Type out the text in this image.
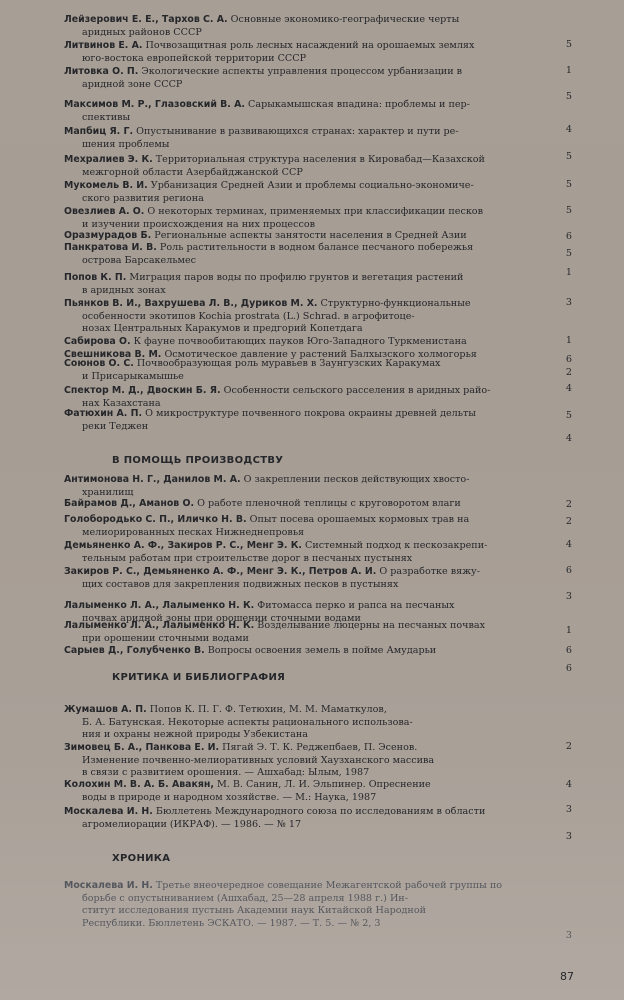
Лейзерович Е. Е., Тархов С. А. Основные экономико-географические черты
аридных районов СССР
5
Литвинов Е. А. Почвозащитная роль лесных насаждений на орошаемых землях
юго-востока европейской территории СССР
1
Литовка О. П. Экологические аспекты управления процессом урбанизации в
аридной зоне СССР
5
Максимов М. Р., Глазовский В. А. Сарыкамышская впадина: проблемы и пер-
спективы
4
Мапбиц Я. Г. Опустынивание в развивающихся странах: характер и пути ре-
шения проблемы
5
Мехралиев Э. К. Территориальная структура населения в Кировабад—Казахской
межгорной области Азербайджанской ССР
5
Мукомель В. И. Урбанизация Средней Азии и проблемы социально-экономиче-
ского развития региона
5
Овезлиев А. О. О некоторых терминах, применяемых при классификации песков
и изучении происхождения на них процессов
6
Оразмурадов Б. Региональные аспекты занятости населения в Средней Азии
5
Панкратова И. В. Роль растительности в водном балансе песчаного побережья
острова Барсакельмес
1
Попов К. П. Миграция паров воды по профилю грунтов и вегетация растений
в аридных зонах
3
Пьянков В. И., Вахрушева Л. В., Дуриков М. Х. Структурно-функциональные
особенности экотипов Kochia prostrata (L.) Schrad. в агрофитоце-
нозах Центральных Каракумов и предгорий Копетдага
1
Сабирова О. К фауне почвообитающих пауков Юго-Западного Туркменистана
6
Свешникова В. М. Осмотическое давление у растений Балхызского холмогорья
2
Союнов О. С. Почвообразующая роль муравьев в Заунгузских Каракумах
и Присарыкамышье
4
Спектор М. Д., Двоскин Б. Я. Особенности сельского расселения в аридных райо-
нах Казахстана
5
Фатюхин А. П. О микроструктуре почвенного покрова окраины древней дельты
реки Теджен
4
В ПОМОЩЬ ПРОИЗВОДСТВУ
Антимонова Н. Г., Данилов М. А. О закреплении песков действующих хвосто-
хранилищ
2
Байрамов Д., Аманов О. О работе пленочной теплицы с круговоротом влаги
2
Голобородько С. П., Иличко Н. В. Опыт посева орошаемых кормовых трав на
мелиорированных песках Нижнеднепровья
4
Демьяненко А. Ф., Закиров Р. С., Менг Э. К. Системный подход к пескозакрепи-
тельным работам при строительстве дорог в песчаных пустынях
6
Закиров Р. С., Демьяненко А. Ф., Менг Э. К., Петров А. И. О разработке вяжу-
щих составов для закрепления подвижных песков в пустынях
3
Лалыменко Л. А., Лалыменко Н. К. Фитомасса перко и рапса на песчаных
почвах аридной зоны при орошении сточными водами
1
Лалыменко Л. А., Лалыменко Н. К. Возделывание люцерны на песчаных почвах
при орошении сточными водами
6
Сарыев Д., Голубченко В. Вопросы освоения земель в пойме Амударьи
6
КРИТИКА И БИБЛИОГРАФИЯ
Жумашов А. П. Попов К. П. Г. Ф. Тетюхин, М. М. Маматкулов,
Б. А. Батунская. Некоторые аспекты рационального использова-
ния и охраны нежной природы Узбекистана
2
Зимовец Б. А., Панкова Е. И. Пягай Э. Т. К. Реджепбаев, П. Эсенов.
Изменение почвенно-мелиоративных условий Хаузханского массива
в связи с развитием орошения. — Ашхабад: Ылым, 1987
4
Колохин М. В. А. Б. Авакян, М. В. Санин, Л. И. Эльпинер. Опреснение
воды в природе и народном хозяйстве. — М.: Наука, 1987
3
Москалева И. Н. Бюллетень Международного союза по исследованиям в области
агромелиорации (ИКРАФ). — 1986. — № 17
3
ХРОНИКА
Москалева И. Н. Третье внеочередное совещание Межагентской рабочей группы по
борьбе с опустыниванием (Ашхабад, 25—28 апреля 1988 г.) Ин-
ститут исследования пустынь Академии наук Китайской Народной
Республики. Бюллетень ЭСКАТО. — 1987. — Т. 5. — № 2, 3
3
87
